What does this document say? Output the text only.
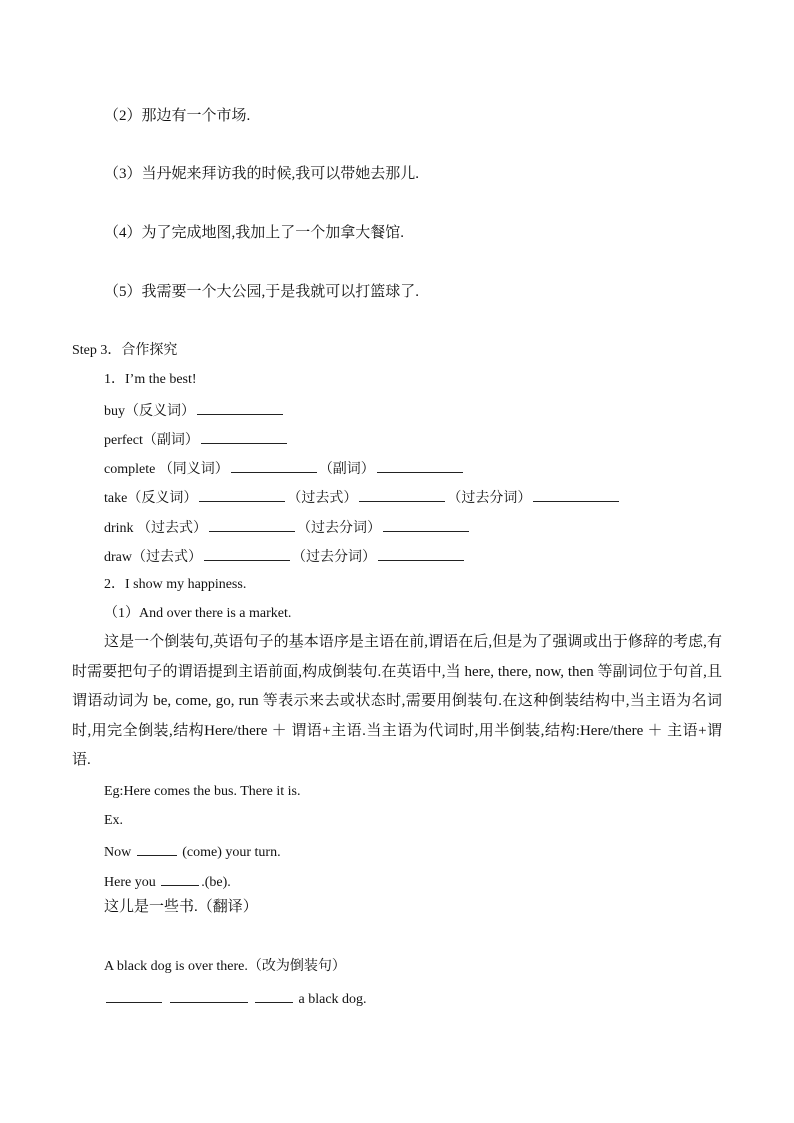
（2）那边有一个市场.
（3）当丹妮来拜访我的时候,我可以带她去那儿.
（4）为了完成地图,我加上了一个加拿大餐馆.
（5）我需要一个大公园,于是我就可以打篮球了.
Step 3．合作探究
1．I’m the best!
buy（反义词）
perfect（副词）
complete （同义词）	（副词）
take（反义词）	（过去式）	（过去分词）
drink （过去式）	（过去分词）
draw（过去式）	（过去分词）
2．I show my happiness.
（1）And over there is a market.
这是一个倒装句,英语句子的基本语序是主语在前,谓语在后,但是为了强调或出于修辞的考虑,有时需要把句子的谓语提到主语前面,构成倒装句.在英语中,当 here, there, now, then 等副词位于句首,且谓语动词为 be, come, go, run 等表示来去或状态时,需要用倒装句.在这种倒装结构中,当主语为名词时,用完全倒装,结构Here/there ＋ 谓语+主语.当主语为代词时,用半倒装,结构:Here/there ＋ 主语+谓语.
Eg:Here comes the bus. There it is.
Ex.
Now	(come) your turn.
Here you	.(be).
这儿是一些书.（翻译）
A black dog is over there.（改为倒装句）
a black dog.
